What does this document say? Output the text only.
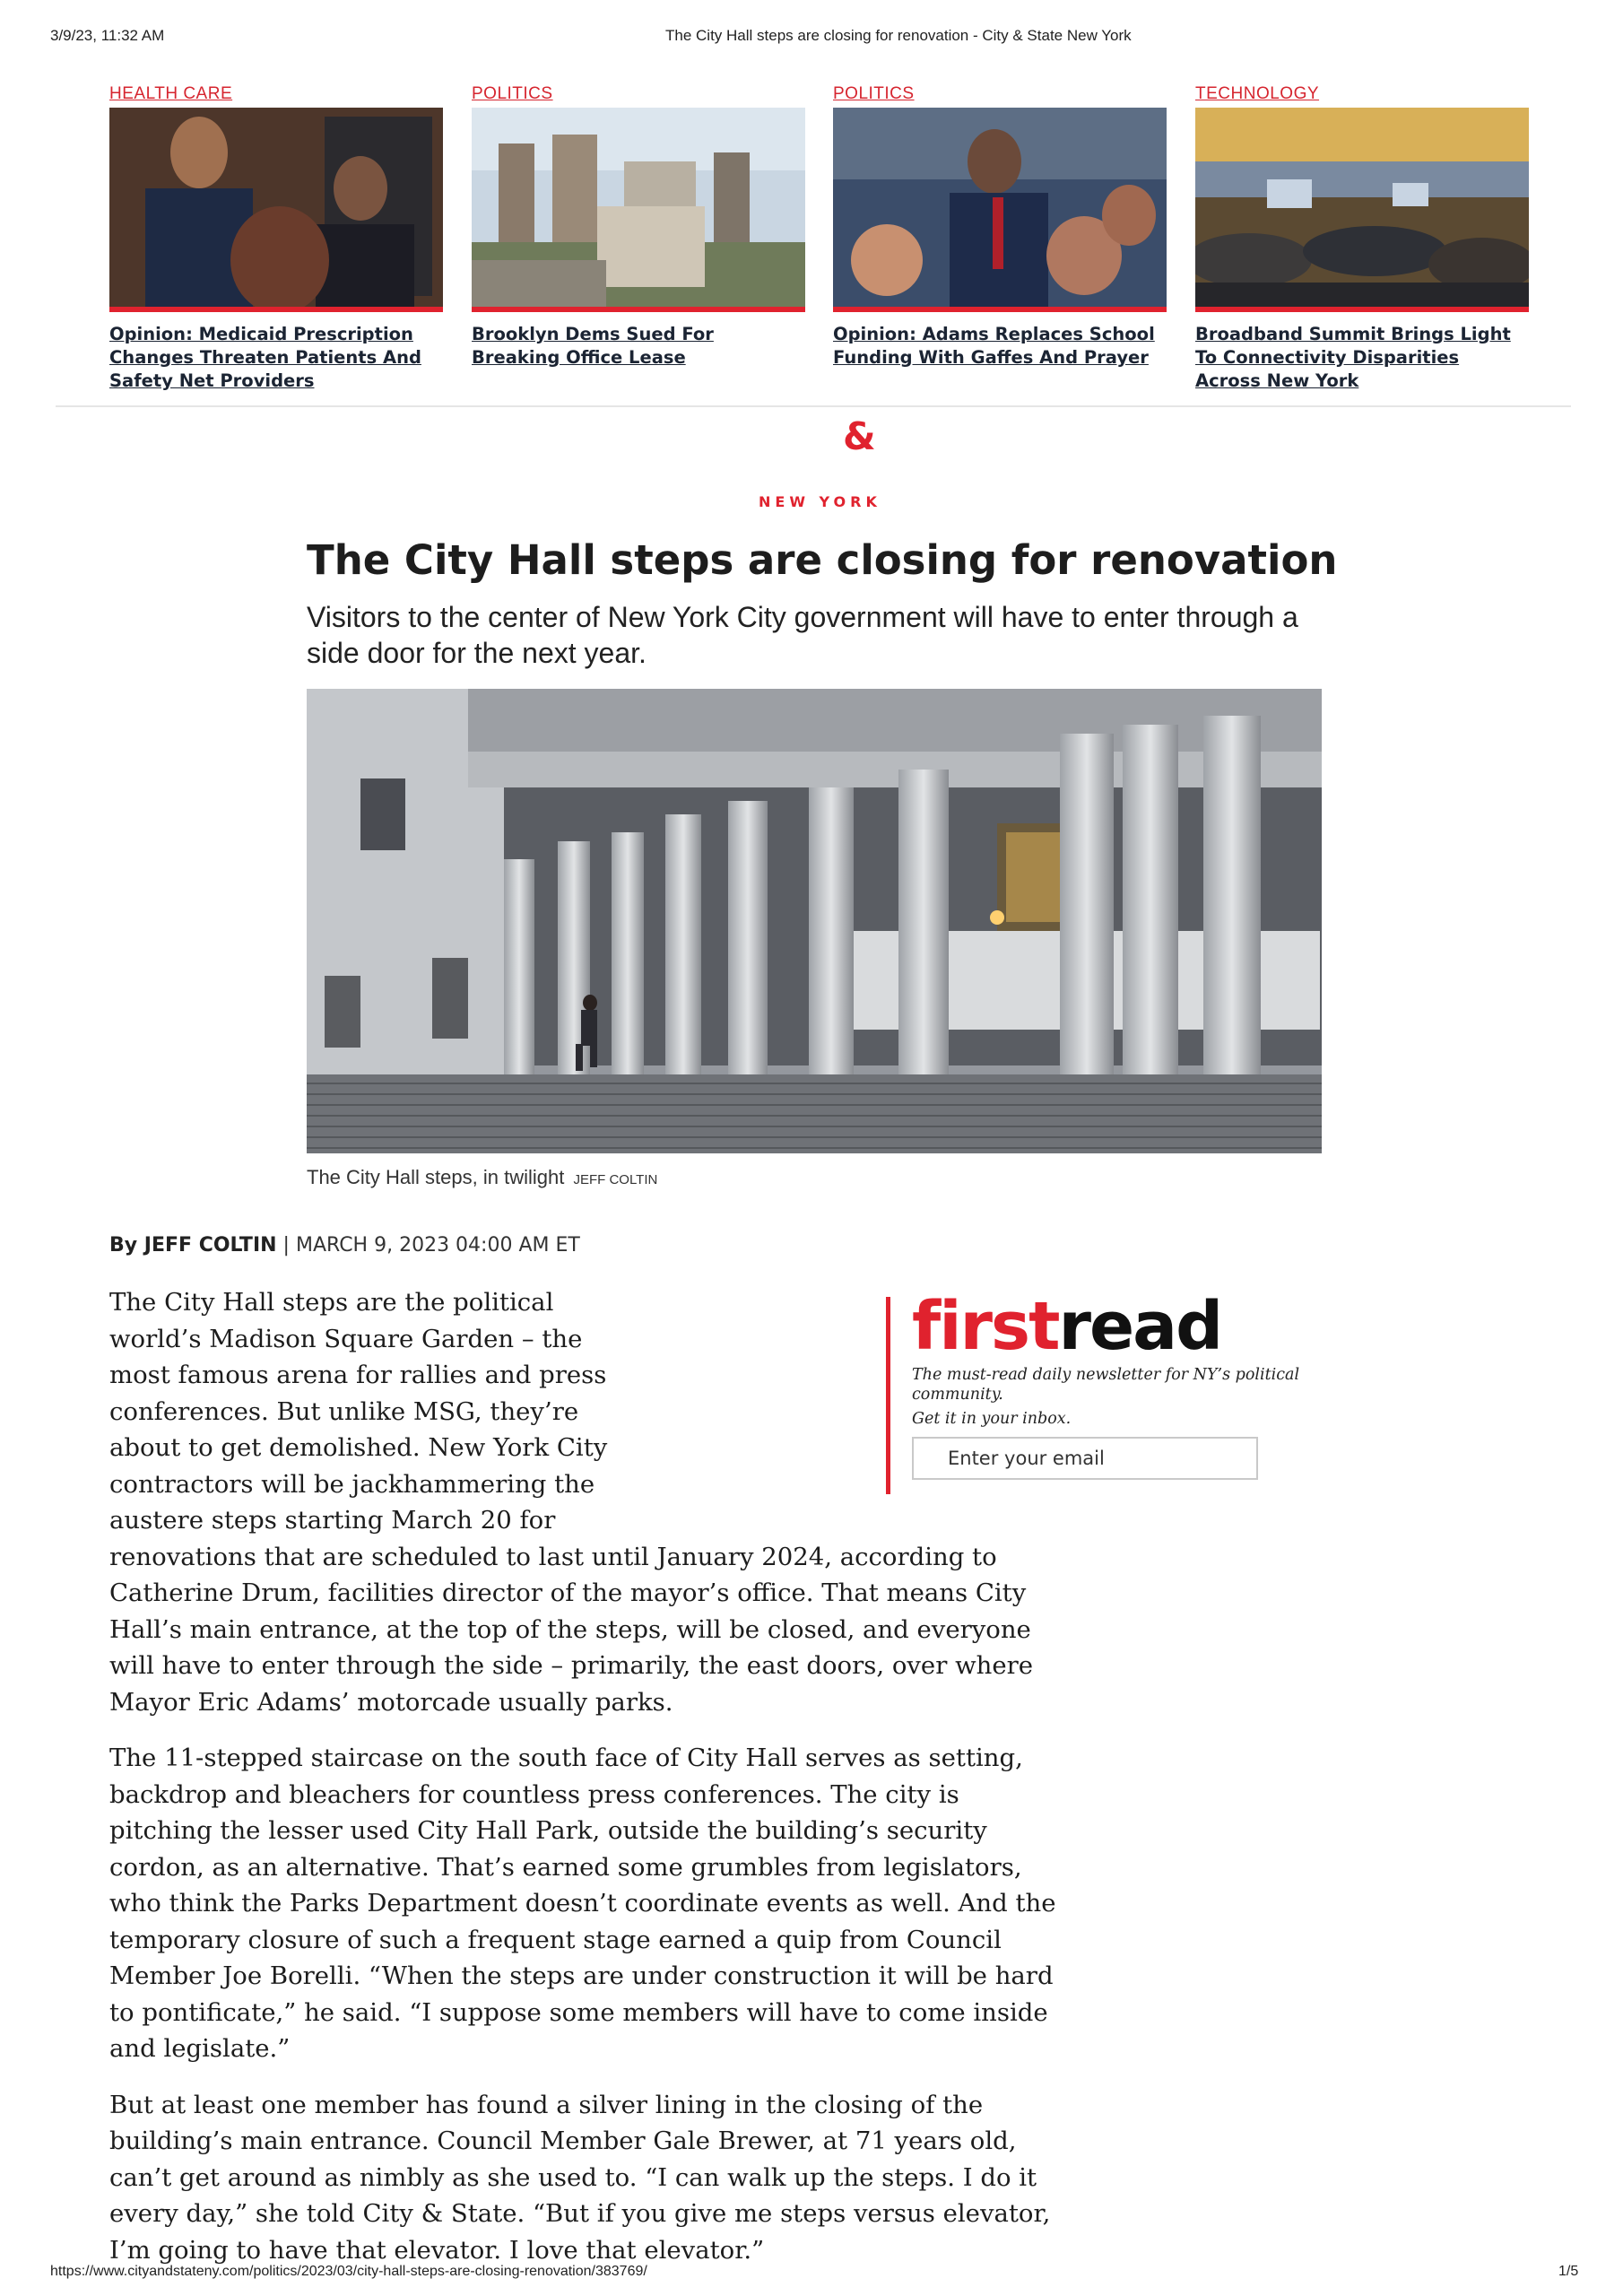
3/9/23, 11:32 AM	The City Hall steps are closing for renovation - City & State New York
HEALTH CARE
Opinion: Medicaid Prescription Changes Threaten Patients And Safety Net Providers
POLITICS
Brooklyn Dems Sued For Breaking Office Lease
POLITICS
Opinion: Adams Replaces School Funding With Gaffes And Prayer
TECHNOLOGY
Broadband Summit Brings Light To Connectivity Disparities Across New York
&
NEW YORK
The City Hall steps are closing for renovation
Visitors to the center of New York City government will have to enter through a side door for the next year.
The City Hall steps, in twilight JEFF COLTIN
By JEFF COLTIN | MARCH 9, 2023 04:00 AM ET
firstread
The must-read daily newsletter for NY’s political community.
Get it in your inbox.
Enter your email

The City Hall steps are the political world’s Madison Square Garden – the most famous arena for rallies and press conferences. But unlike MSG, they’re about to get demolished. New York City contractors will be jackhammering the austere steps starting March 20 for renovations that are scheduled to last until January 2024, according to Catherine Drum, facilities director of the mayor’s office. That means City Hall’s main entrance, at the top of the steps, will be closed, and everyone will have to enter through the side – primarily, the east doors, over where Mayor Eric Adams’ motorcade usually parks.

The 11-stepped staircase on the south face of City Hall serves as setting, backdrop and bleachers for countless press conferences. The city is pitching the lesser used City Hall Park, outside the building’s security cordon, as an alternative. That’s earned some grumbles from legislators, who think the Parks Department doesn’t coordinate events as well. And the temporary closure of such a frequent stage earned a quip from Council Member Joe Borelli. “When the steps are under construction it will be hard to pontificate,” he said. “I suppose some members will have to come inside and legislate.”

But at least one member has found a silver lining in the closing of the building’s main entrance. Council Member Gale Brewer, at 71 years old, can’t get around as nimbly as she used to. “I can walk up the steps. I do it every day,” she told City & State. “But if you give me steps versus elevator, I’m going to have that elevator. I love that elevator.”

https://www.cityandstateny.com/politics/2023/03/city-hall-steps-are-closing-renovation/383769/	1/5
